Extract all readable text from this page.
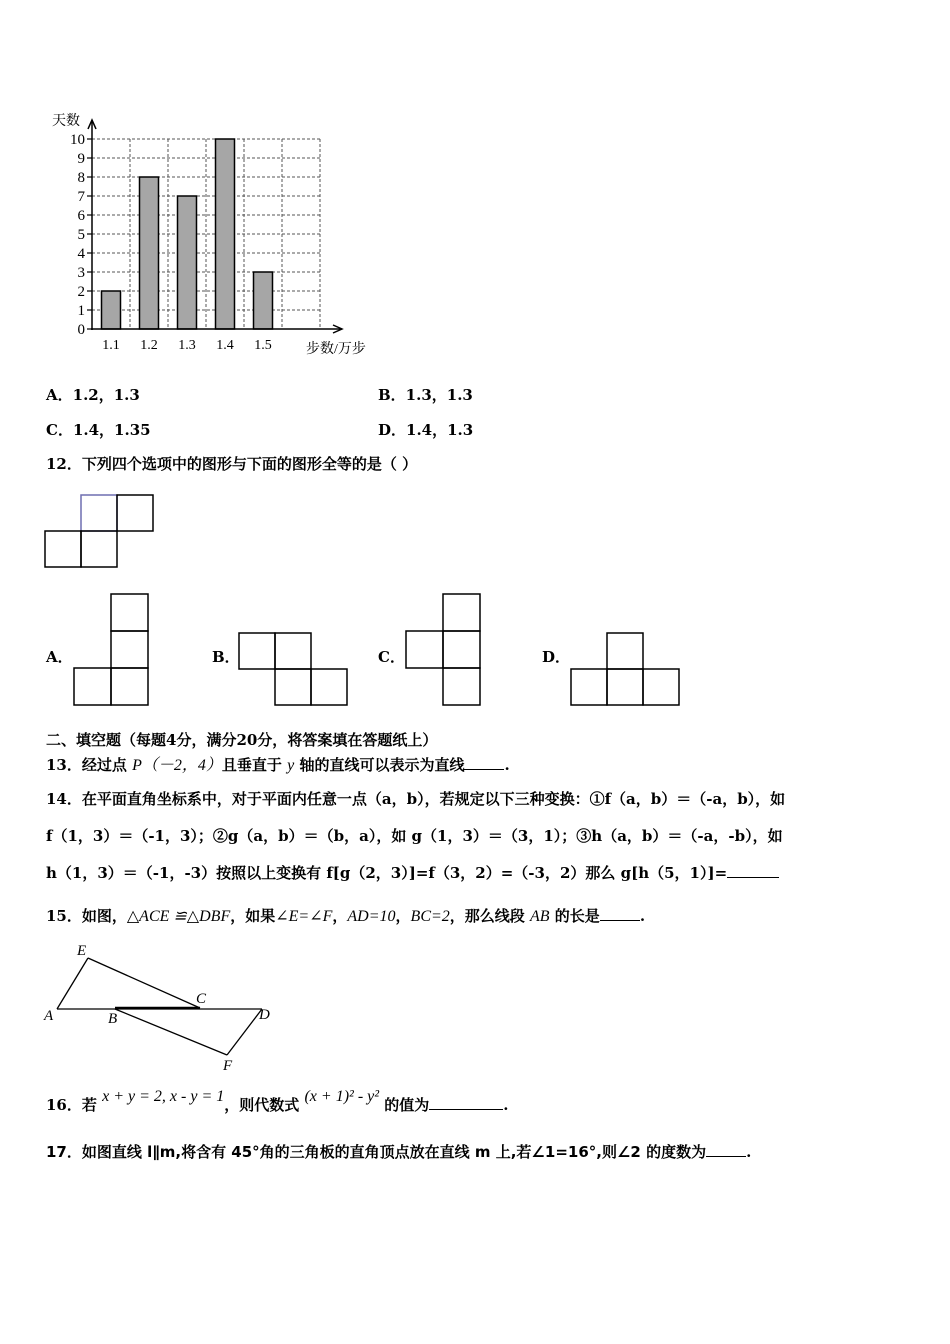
天数
步数/万步
1.1 1.2 1.3 1.4 1.5
0
1
2
3
4
5
6
7
8
9
10
A．1.2，1.3	B．1.3，1.3
C．1.4，1.35	D．1.4，1.3
12．下列四个选项中的图形与下面的图形全等的是（ ）
A．	B．	C．	D．
二、填空题（每题4分，满分20分，将答案填在答题纸上）
13．经过点 P（－2，4）且垂直于 y 轴的直线可以表示为直线	.
14．在平面直角坐标系中，对于平面内任意一点（a，b），若规定以下三种变换：①f（a，b）＝（-a，b），如
f（1，3）＝（-1，3）；②g（a，b）＝（b，a），如 g（1，3）＝（3，1）；③h（a，b）＝（-a，-b），如
h（1，3）＝（-1，-3）按照以上变换有 f[g（2，3）]=f（3，2）=（-3，2）那么 g[h（5，1）]=
15．如图，△ACE ≌△DBF，如果∠E=∠F，AD=10，BC=2，那么线段 AB 的长是	.
E
C
A	B	D
F
16．若 x + y = 2, x - y = 1，则代数式 (x + 1)² - y² 的值为	.
17．如图直线 l∥m,将含有 45°角的三角板的直角顶点放在直线 m 上,若∠1=16°,则∠2 的度数为	.
